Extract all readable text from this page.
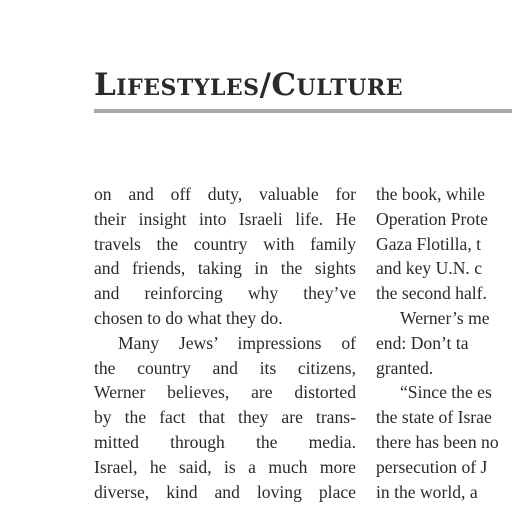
Lifestyles/Culture
on and off duty, valuable for
their insight into Israeli life. He
travels the country with family
and friends, taking in the sights
and reinforcing why they’ve
chosen to do what they do.
Many Jews’ impressions of
the country and its citizens,
Werner believes, are distorted
by the fact that they are trans-
mitted through the media.
Israel, he said, is a much more
diverse, kind and loving place
the book, while
Operation Prote
Gaza Flotilla, t
and key U.N. c
the second half.
Werner’s me
end: Don’t ta
granted.
“Since the es
the state of Israe
there has been no
persecution of J
in the world, a
